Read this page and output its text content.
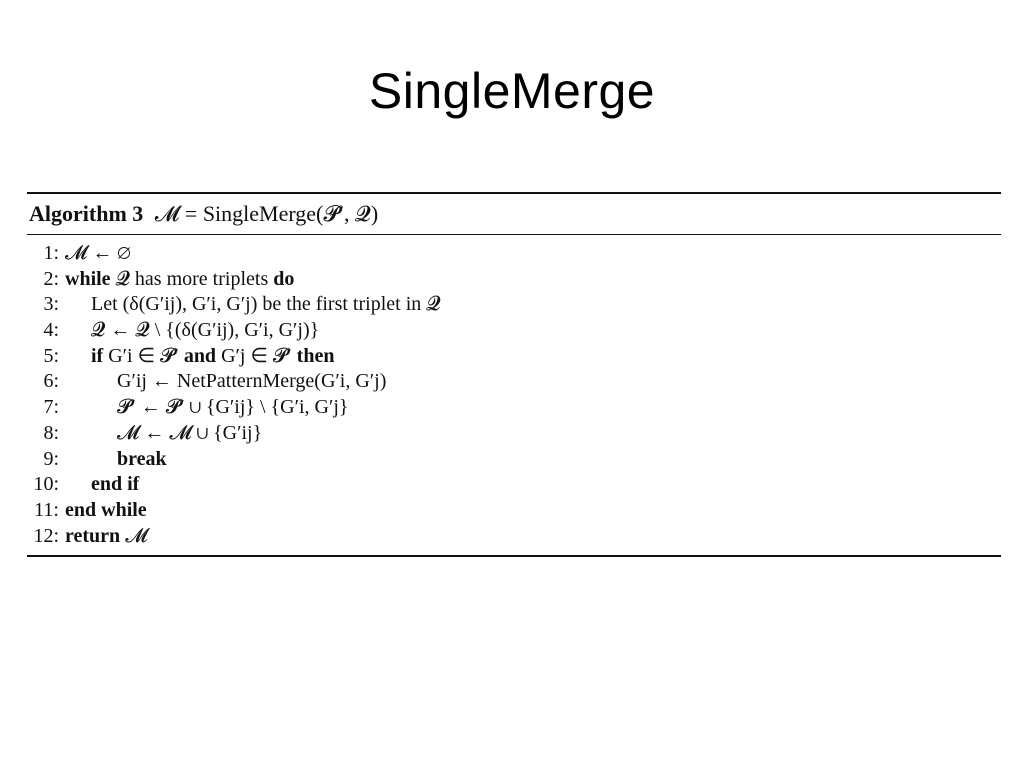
SingleMerge
Algorithm 3 𝓜 = SingleMerge(𝓟′, 𝓠)
1: 𝓜 ← ∅
2: while 𝓠 has more triplets do
3:	Let (δ(G′ij), G′i, G′j) be the first triplet in 𝓠
4:	𝓠 ← 𝓠 \ {(δ(G′ij), G′i, G′j)}
5:	if G′i ∈ 𝓟′ and G′j ∈ 𝓟′ then
6:	G′ij ← NetPatternMerge(G′i, G′j)
7:	𝓟′ ← 𝓟′ ∪ {G′ij} \ {G′i, G′j}
8:	𝓜 ← 𝓜 ∪ {G′ij}
9:	break
10:	end if
11: end while
12: return 𝓜
